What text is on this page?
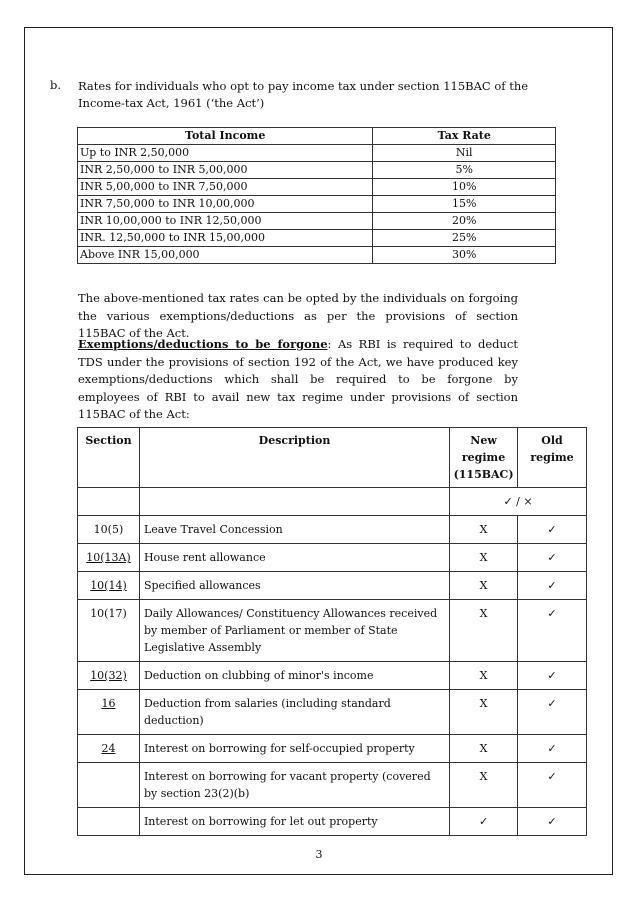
b. Rates for individuals who opt to pay income tax under section 115BAC of the Income-tax Act, 1961 (‘the Act’)
Total Income	Tax Rate
Up to INR 2,50,000	Nil
INR 2,50,000 to INR 5,00,000	5%
INR 5,00,000 to INR 7,50,000	10%
INR 7,50,000 to INR 10,00,000	15%
INR 10,00,000 to INR 12,50,000	20%
INR. 12,50,000 to INR 15,00,000	25%
Above INR 15,00,000	30%
The above-mentioned tax rates can be opted by the individuals on forgoing the various exemptions/deductions as per the provisions of section 115BAC of the Act.
Exemptions/deductions to be forgone: As RBI is required to deduct TDS under the provisions of section 192 of the Act, we have produced key exemptions/deductions which shall be required to be forgone by employees of RBI to avail new tax regime under provisions of section 115BAC of the Act:
Section	Description	New regime (115BAC)	Old regime
		✓ / ×	
10(5)	Leave Travel Concession	X	✓
10(13A)	House rent allowance	X	✓
10(14)	Specified allowances	X	✓
10(17)	Daily Allowances/ Constituency Allowances received by member of Parliament or member of State Legislative Assembly	X	✓
10(32)	Deduction on clubbing of minor's income	X	✓
16	Deduction from salaries (including standard deduction)	X	✓
24	Interest on borrowing for self-occupied property	X	✓
	Interest on borrowing for vacant property (covered by section 23(2)(b)	X	✓
	Interest on borrowing for let out property	✓	✓
3
